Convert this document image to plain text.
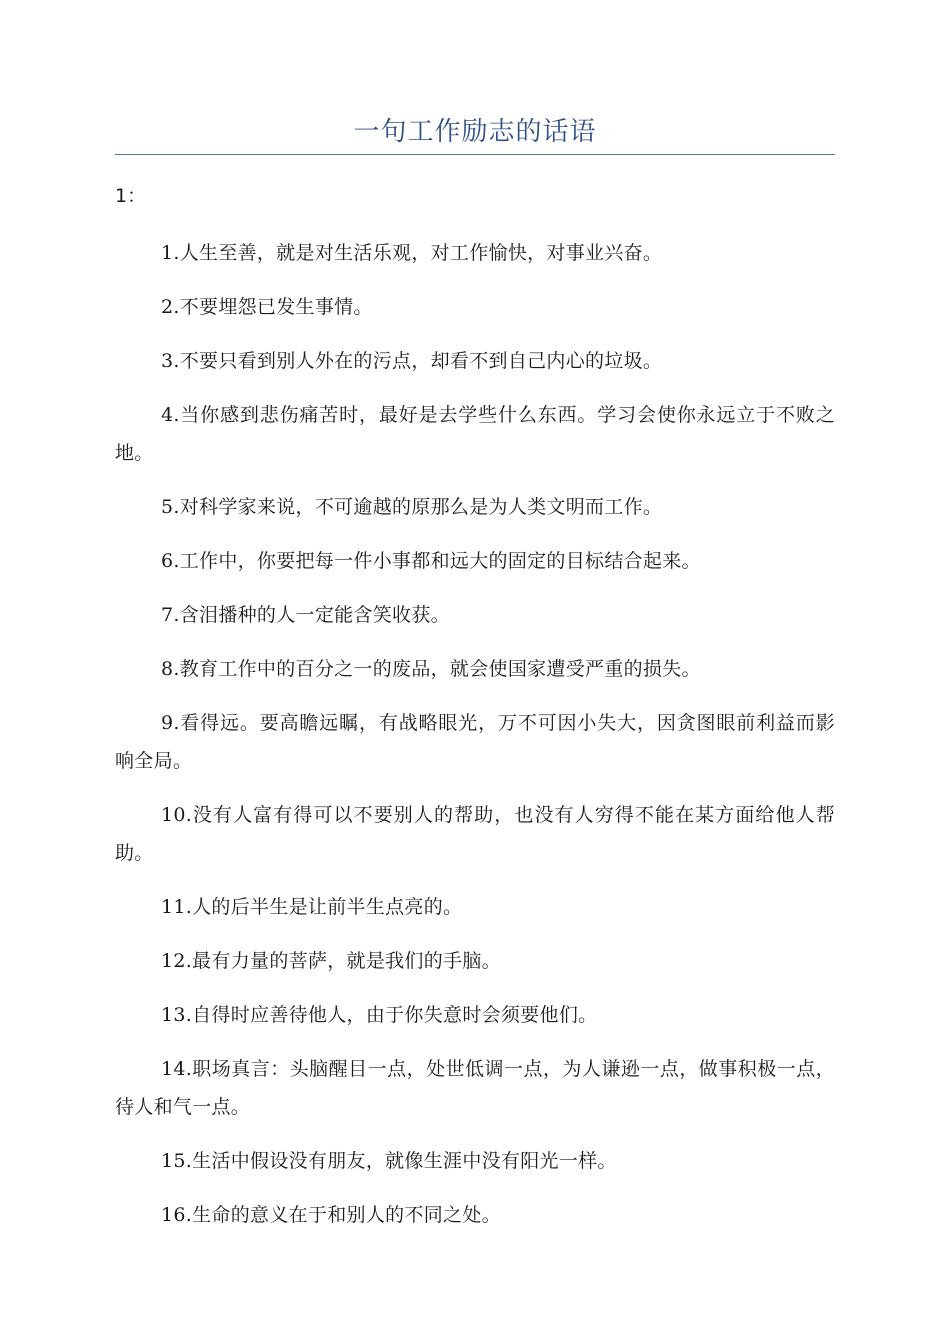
一句工作励志的话语
1：

1.人生至善，就是对生活乐观，对工作愉快，对事业兴奋。

2.不要埋怨已发生事情。

3.不要只看到别人外在的污点，却看不到自己内心的垃圾。

4.当你感到悲伤痛苦时，最好是去学些什么东西。学习会使你永远立于不败之地。

5.对科学家来说，不可逾越的原那么是为人类文明而工作。

6.工作中，你要把每一件小事都和远大的固定的目标结合起来。

7.含泪播种的人一定能含笑收获。

8.教育工作中的百分之一的废品，就会使国家遭受严重的损失。

9.看得远。要高瞻远瞩，有战略眼光，万不可因小失大，因贪图眼前利益而影响全局。

10.没有人富有得可以不要别人的帮助，也没有人穷得不能在某方面给他人帮助。

11.人的后半生是让前半生点亮的。

12.最有力量的菩萨，就是我们的手脑。

13.自得时应善待他人，由于你失意时会须要他们。

14.职场真言：头脑醒目一点，处世低调一点，为人谦逊一点，做事积极一点，待人和气一点。

15.生活中假设没有朋友，就像生涯中没有阳光一样。

16.生命的意义在于和别人的不同之处。
